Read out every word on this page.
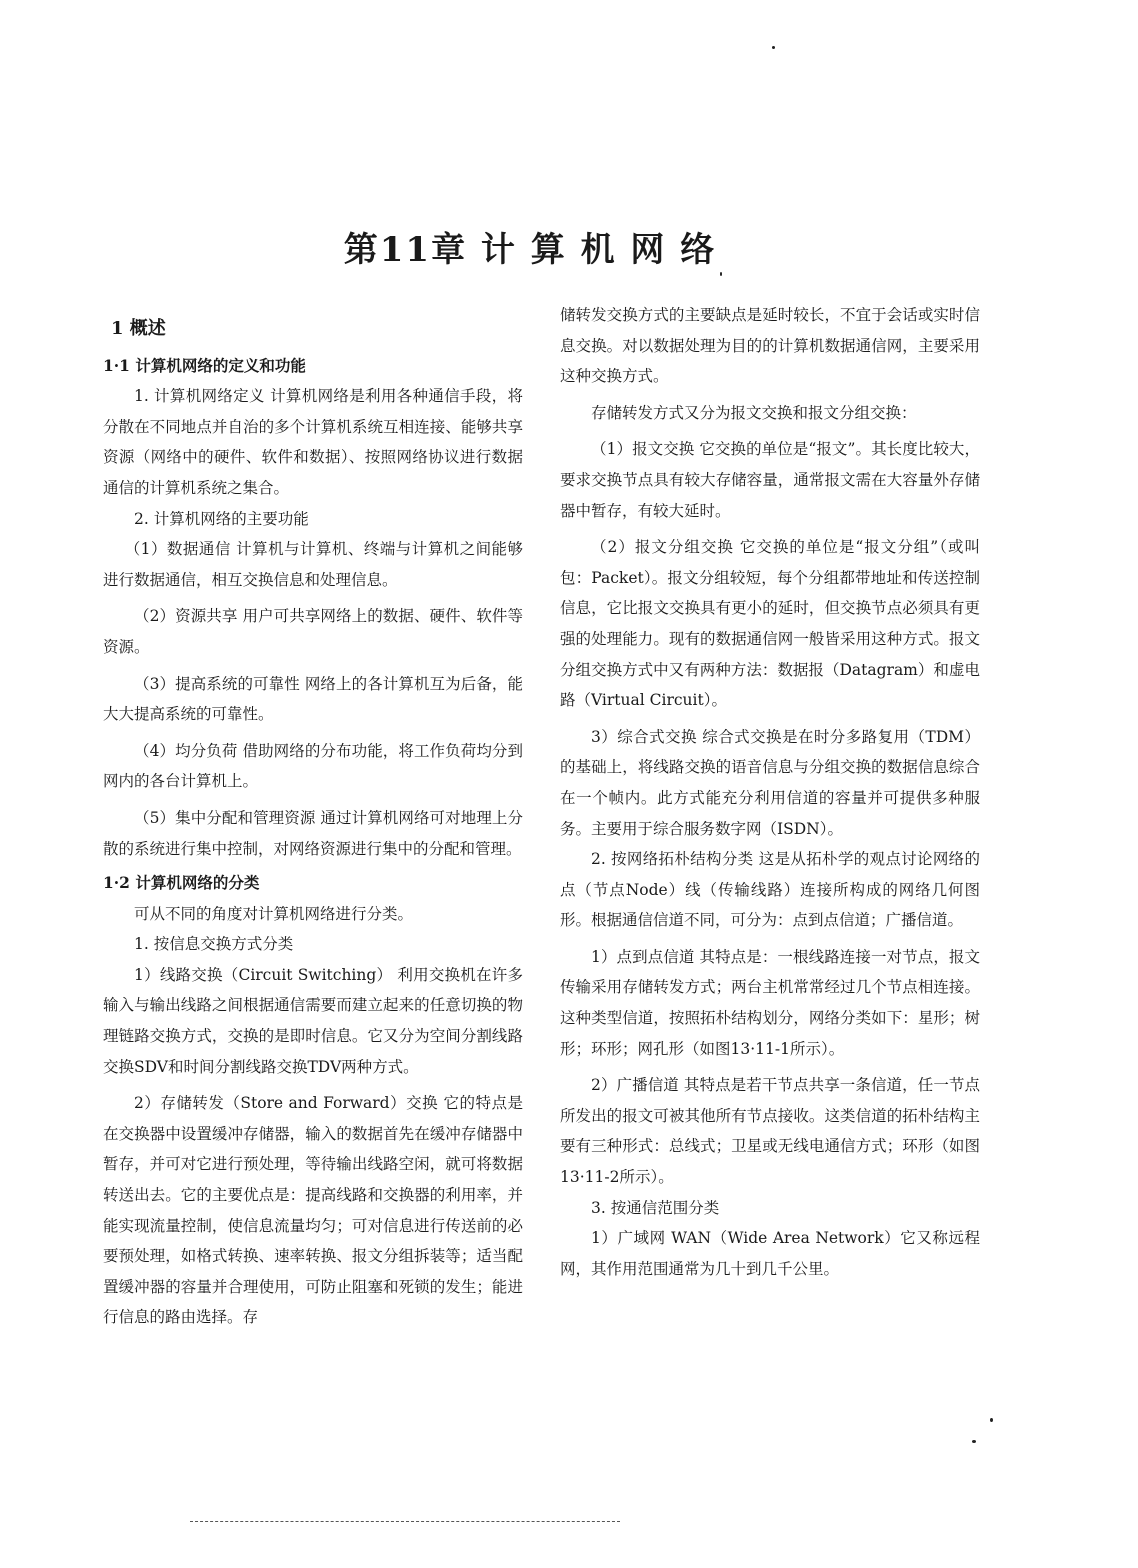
第11章 计 算 机 网 络

1 概述

1·1 计算机网络的定义和功能

1. 计算机网络定义 计算机网络是利用各种通信手段，将分散在不同地点并自治的多个计算机系统互相连接、能够共享资源（网络中的硬件、软件和数据）、按照网络协议进行数据通信的计算机系统之集合。

2. 计算机网络的主要功能

（1）数据通信 计算机与计算机、终端与计算机之间能够进行数据通信，相互交换信息和处理信息。

（2）资源共享 用户可共享网络上的数据、硬件、软件等资源。

（3）提高系统的可靠性 网络上的各计算机互为后备，能大大提高系统的可靠性。

（4）均分负荷 借助网络的分布功能，将工作负荷均分到网内的各台计算机上。

（5）集中分配和管理资源 通过计算机网络可对地理上分散的系统进行集中控制，对网络资源进行集中的分配和管理。

1·2 计算机网络的分类

可从不同的角度对计算机网络进行分类。

1. 按信息交换方式分类

1）线路交换（Circuit Switching） 利用交换机在许多输入与输出线路之间根据通信需要而建立起来的任意切换的物理链路交换方式，交换的是即时信息。它又分为空间分割线路交换SDV和时间分割线路交换TDV两种方式。

2）存储转发（Store and Forward）交换 它的特点是在交换器中设置缓冲存储器，输入的数据首先在缓冲存储器中暂存，并可对它进行预处理，等待输出线路空闲，就可将数据转送出去。它的主要优点是：提高线路和交换器的利用率，并能实现流量控制，使信息流量均匀；可对信息进行传送前的必要预处理，如格式转换、速率转换、报文分组拆装等；适当配置缓冲器的容量并合理使用，可防止阻塞和死锁的发生；能进行信息的路由选择。存

储转发交换方式的主要缺点是延时较长，不宜于会话或实时信息交换。对以数据处理为目的的计算机数据通信网，主要采用这种交换方式。

存储转发方式又分为报文交换和报文分组交换：

（1）报文交换 它交换的单位是“报文”。其长度比较大，要求交换节点具有较大存储容量，通常报文需在大容量外存储器中暂存，有较大延时。

（2）报文分组交换 它交换的单位是“报文分组”（或叫包：Packet）。报文分组较短，每个分组都带地址和传送控制信息，它比报文交换具有更小的延时，但交换节点必须具有更强的处理能力。现有的数据通信网一般皆采用这种方式。报文分组交换方式中又有两种方法：数据报（Datagram）和虚电路（Virtual Circuit）。

3）综合式交换 综合式交换是在时分多路复用（TDM）的基础上，将线路交换的语音信息与分组交换的数据信息综合在一个帧内。此方式能充分利用信道的容量并可提供多种服务。主要用于综合服务数字网（ISDN）。

2. 按网络拓朴结构分类 这是从拓朴学的观点讨论网络的点（节点Node）线（传输线路）连接所构成的网络几何图形。根据通信信道不同，可分为：点到点信道；广播信道。

1）点到点信道 其特点是：一根线路连接一对节点，报文传输采用存储转发方式；两台主机常常经过几个节点相连接。这种类型信道，按照拓朴结构划分，网络分类如下：星形；树形；环形；网孔形（如图13·11-1所示）。

2）广播信道 其特点是若干节点共享一条信道，任一节点所发出的报文可被其他所有节点接收。这类信道的拓朴结构主要有三种形式：总线式；卫星或无线电通信方式；环形（如图13·11-2所示）。

3. 按通信范围分类

1）广域网 WAN（Wide Area Network）它又称远程网，其作用范围通常为几十到几千公里。
